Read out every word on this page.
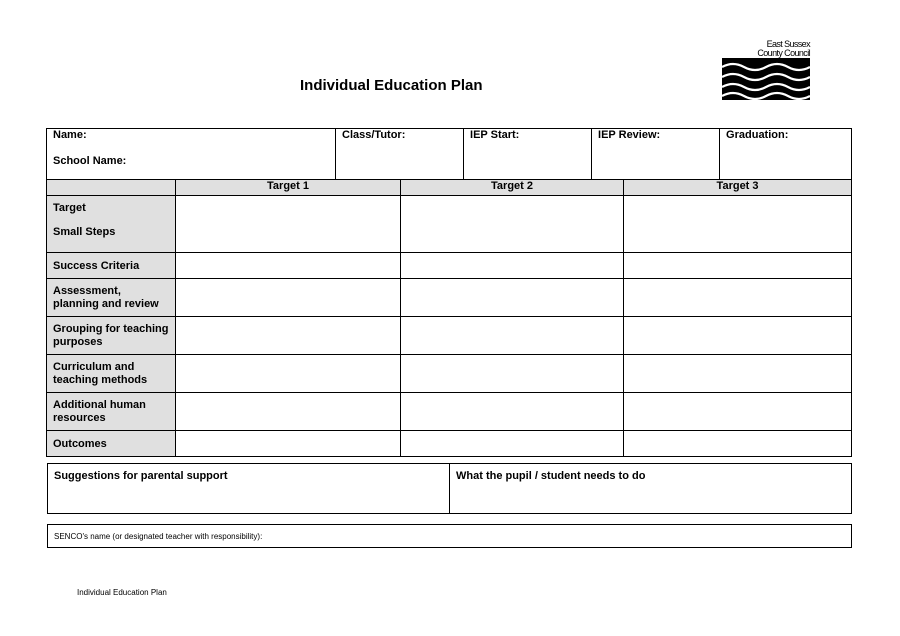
Individual Education Plan
East Sussex
County Council
Name:
School Name:		Class/Tutor:		IEP Start:	IEP Review:		Graduation:
	Target 1		Target 2			Target 3	

Target
Small Steps							

Success Criteria							
Assessment, planning and review							
Grouping for teaching purposes							
Curriculum and teaching methods							
Additional human resources							
Outcomes							
Suggestions for parental support	What the pupil / student needs to do
SENCO's name (or designated teacher with responsibility):
Individual Education Plan
